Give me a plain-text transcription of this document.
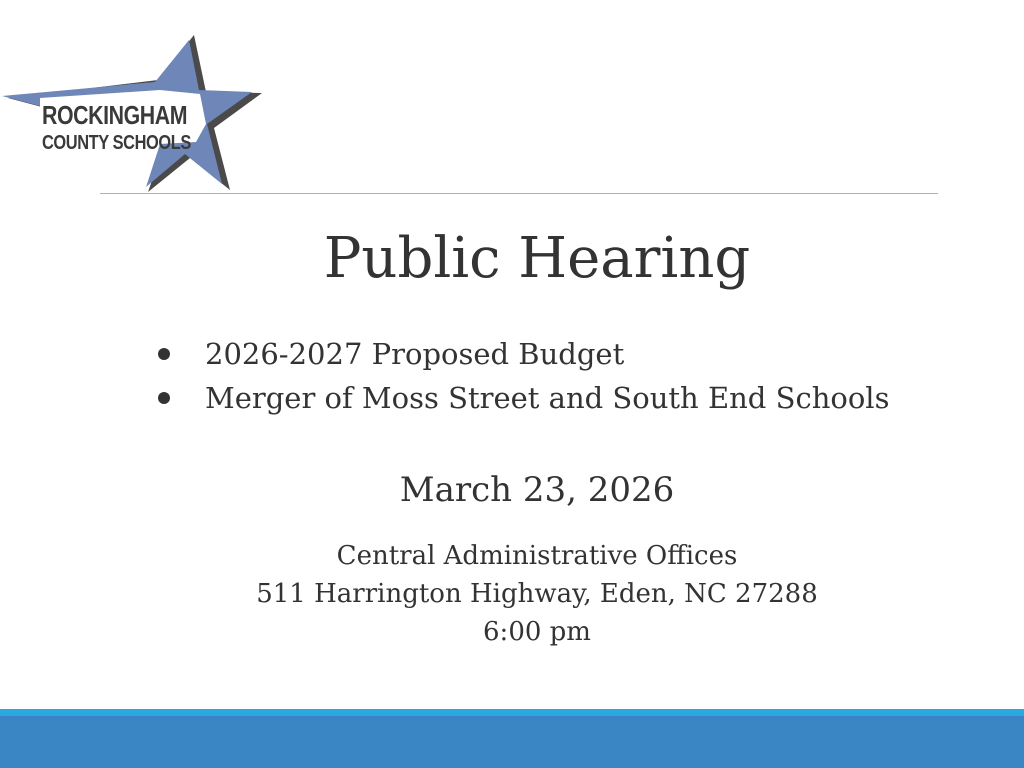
ROCKINGHAM
COUNTY SCHOOLS
Public Hearing
2026-2027 Proposed Budget
Merger of Moss Street and South End Schools
March 23, 2026
Central Administrative Offices
511 Harrington Highway, Eden, NC 27288
6:00 pm
